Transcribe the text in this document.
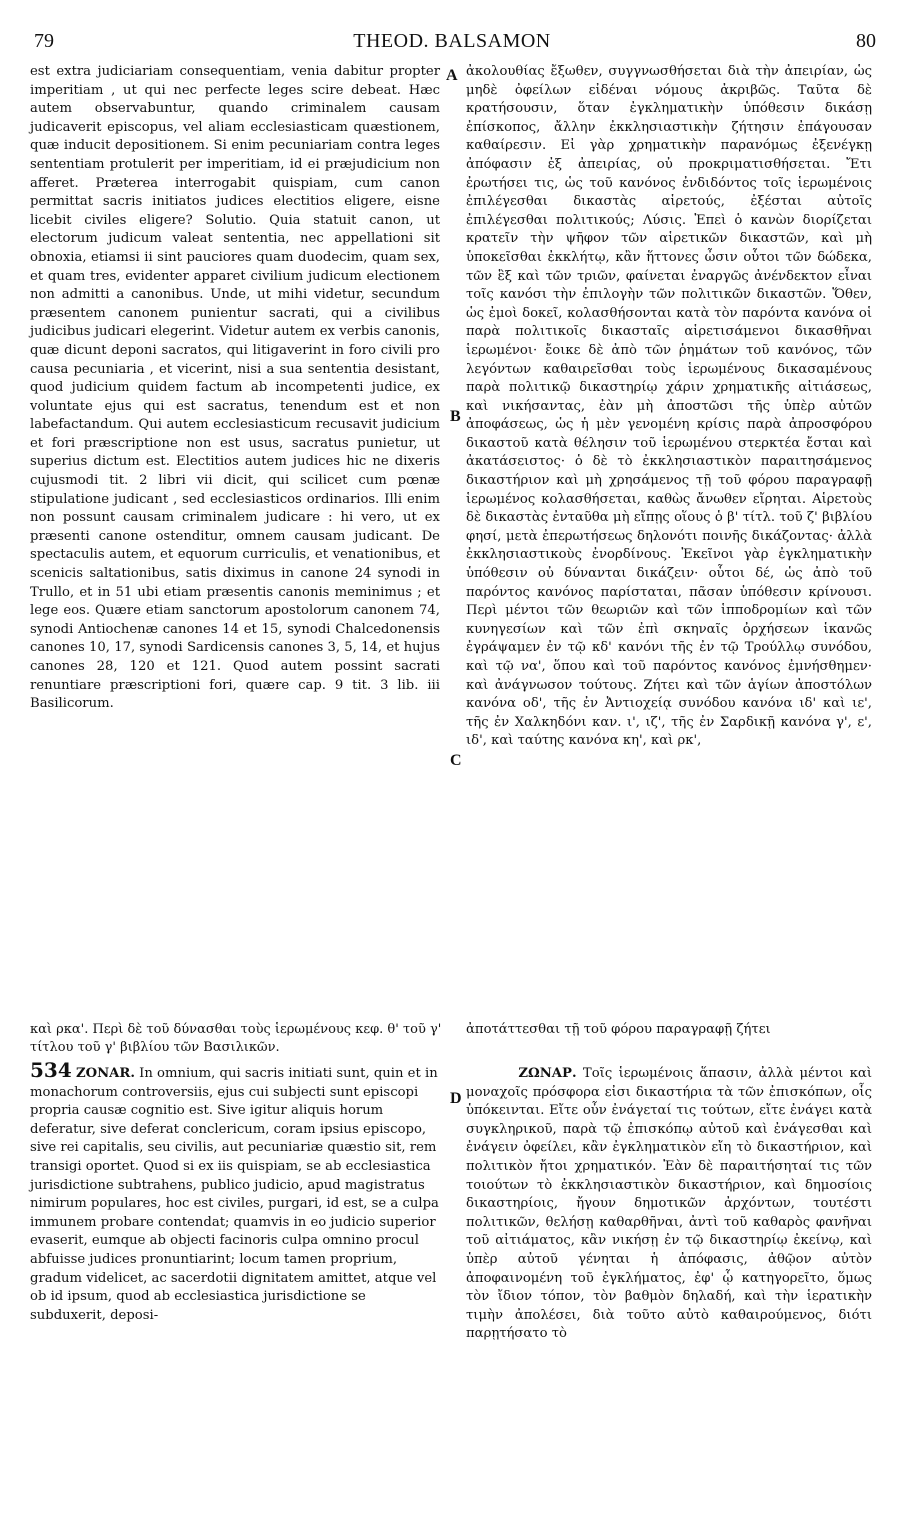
79	THEOD. BALSAMON	80

est extra judiciariam consequentiam, venia dabitur propter imperitiam , ut qui nec perfecte leges scire debeat. Hæc autem observabuntur, quando criminalem causam judicaverit episcopus, vel aliam ecclesiasticam quæstionem, quæ inducit depositionem. Si enim pecuniariam contra leges sententiam protulerit per imperitiam, id ei præjudicium non afferet. Præterea interrogabit quispiam, cum canon permittat sacris initiatos judices electitios eligere, eisne licebit civiles eligere? Solutio. Quia statuit canon, ut electorum judicum valeat sententia, nec appellationi sit obnoxia, etiamsi ii sint pauciores quam duodecim, quam sex, et quam tres, evidenter apparet civilium judicum electionem non admitti a canonibus. Unde, ut mihi videtur, secundum præsentem canonem punientur sacrati, qui a civilibus judicibus judicari elegerint. Videtur autem ex verbis canonis, quæ dicunt deponi sacratos, qui litigaverint in foro civili pro causa pecuniaria , et vicerint, nisi a sua sententia desistant, quod judicium quidem factum ab incompetenti judice, ex voluntate ejus qui est sacratus, tenendum est et non labefactandum. Qui autem ecclesiasticum recusavit judicium et fori præscriptione non est usus, sacratus punietur, ut superius dictum est. Electitios autem judices hic ne dixeris cujusmodi tit. 2 libri vii dicit, qui scilicet cum pœnæ stipulatione judicant , sed ecclesiasticos ordinarios. Illi enim non possunt causam criminalem judicare : hi vero, ut ex præsenti canone ostenditur, omnem causam judicant. De spectaculis autem, et equorum curriculis, et venationibus, et scenicis saltationibus, satis diximus in canone 24 synodi in Trullo, et in 51 ubi etiam præsentis canonis meminimus ; et lege eos. Quære etiam sanctorum apostolorum canonem 74, synodi Antiochenæ canones 14 et 15, synodi Chalcedonensis canones 10, 17, synodi Sardicensis canones 3, 5, 14, et hujus canones 28, 120 et 121. Quod autem possint sacrati renuntiare præscriptioni fori, quære cap. 9 tit. 3 lib. iii Basilicorum.

ἀκολουθίας ἔξωθεν, συγγνωσθήσεται διὰ τὴν ἀπειρίαν, ὡς μηδὲ ὀφείλων εἰδέναι νόμους ἀκριβῶς. Ταῦτα δὲ κρατήσουσιν, ὅταν ἐγκληματικὴν ὑπόθεσιν δικάσῃ ἐπίσκοπος, ἄλλην ἐκκλησιαστικὴν ζήτησιν ἐπάγουσαν καθαίρεσιν. Εἰ γὰρ χρηματικὴν παρανόμως ἐξενέγκῃ ἀπόφασιν ἐξ ἀπειρίας, οὐ προκριματισθήσεται. Ἔτι ἐρωτήσει τις, ὡς τοῦ κανόνος ἐνδιδόντος τοῖς ἱερωμένοις ἐπιλέγεσθαι δικαστὰς αἱρετούς, ἐξέσται αὐτοῖς ἐπιλέγεσθαι πολιτικούς; Λύσις. Ἐπεὶ ὁ κανὼν διορίζεται κρατεῖν τὴν ψῆφον τῶν αἱρετικῶν δικαστῶν, καὶ μὴ ὑποκεῖσθαι ἐκκλήτῳ, κἂν ἥττονες ὦσιν οὗτοι τῶν δώδεκα, τῶν ἓξ καὶ τῶν τριῶν, φαίνεται ἐναργῶς ἀνένδεκτον εἶναι τοῖς κανόσι τὴν ἐπιλογὴν τῶν πολιτικῶν δικαστῶν. Ὅθεν, ὡς ἐμοὶ δοκεῖ, κολασθήσονται κατὰ τὸν παρόντα κανόνα οἱ παρὰ πολιτικοῖς δικασταῖς αἱρετισάμενοι δικασθῆναι ἱερωμένοι· ἔοικε δὲ ἀπὸ τῶν ῥημάτων τοῦ κανόνος, τῶν λεγόντων καθαιρεῖσθαι τοὺς ἱερωμένους δικασαμένους παρὰ πολιτικῷ δικαστηρίῳ χάριν χρηματικῆς αἰτιάσεως, καὶ νικήσαντας, ἐὰν μὴ ἀποστῶσι τῆς ὑπὲρ αὐτῶν ἀποφάσεως, ὡς ἡ μὲν γενομένη κρίσις παρὰ ἀπροσφόρου δικαστοῦ κατὰ θέλησιν τοῦ ἱερωμένου στερκτέα ἔσται καὶ ἀκατάσειστος· ὁ δὲ τὸ ἐκκλησιαστικὸν παραιτησάμενος δικαστήριον καὶ μὴ χρησάμενος τῇ τοῦ φόρου παραγραφῇ ἱερωμένος κολασθήσεται, καθὼς ἄνωθεν εἴρηται. Αἱρετοὺς δὲ δικαστὰς ἐνταῦθα μὴ εἴπῃς οἵους ὁ β' τίτλ. τοῦ ζ' βιβλίου φησί, μετὰ ἐπερωτήσεως δηλονότι ποινῆς δικάζοντας· ἀλλὰ ἐκκλησιαστικοὺς ἐνορδίνους. Ἐκεῖνοι γὰρ ἐγκληματικὴν ὑπόθεσιν οὐ δύνανται δικάζειν· οὗτοι δέ, ὡς ἀπὸ τοῦ παρόντος κανόνος παρίσταται, πᾶσαν ὑπόθεσιν κρίνουσι. Περὶ μέντοι τῶν θεωριῶν καὶ τῶν ἱπποδρομίων καὶ τῶν κυνηγεσίων καὶ τῶν ἐπὶ σκηναῖς ὀρχήσεων ἱκανῶς ἐγράψαμεν ἐν τῷ κδ' κανόνι τῆς ἐν τῷ Τρούλλῳ συνόδου, καὶ τῷ να', ὅπου καὶ τοῦ παρόντος κανόνος ἐμνήσθημεν· καὶ ἀνάγνωσον τούτους. Ζήτει καὶ τῶν ἁγίων ἀποστόλων κανόνα οδ', τῆς ἐν Ἀντιοχείᾳ συνόδου κανόνα ιδ' καὶ ιε', τῆς ἐν Χαλκηδόνι καν. ι', ιζ', τῆς ἐν Σαρδικῇ κανόνα γ', ε', ιδ', καὶ ταύτης κανόνα κη', καὶ ρκ',

A
B
C
D
καὶ ρκα'. Περὶ δὲ τοῦ δύνασθαι τοὺς ἱερωμένους κεφ. θ' τοῦ γ' τίτλου τοῦ γ' βιβλίου τῶν Βασιλικῶν.
ἀποτάττεσθαι τῇ τοῦ φόρου παραγραφῇ ζήτει

534 ZONAR. In omnium, qui sacris initiati sunt, quin et in monachorum controversiis, ejus cui subjecti sunt episcopi propria causæ cognitio est. Sive igitur aliquis horum deferatur, sive deferat conclericum, coram ipsius episcopo, sive rei capitalis, seu civilis, aut pecuniariæ quæstio sit, rem transigi oportet. Quod si ex iis quispiam, se ab ecclesiastica jurisdictione subtrahens, publico judicio, apud magistratus nimirum populares, hoc est civiles, purgari, id est, se a culpa immunem probare contendat; quamvis in eo judicio superior evaserit, eumque ab objecti facinoris culpa omnino procul abfuisse judices pronuntiarint; locum tamen proprium, gradum videlicet, ac sacerdotii dignitatem amittet, atque vel ob id ipsum, quod ab ecclesiastica jurisdictione se subduxerit, deposi-

ΖΩΝΑΡ. Τοῖς ἱερωμένοις ἅπασιν, ἀλλὰ μέντοι καὶ μοναχοῖς πρόσφορα εἰσι δικαστήρια τὰ τῶν ἐπισκόπων, οἷς ὑπόκεινται. Εἴτε οὖν ἐνάγεταί τις τούτων, εἴτε ἐνάγει κατὰ συγκληρικοῦ, παρὰ τῷ ἐπισκόπῳ αὐτοῦ καὶ ἐνάγεσθαι καὶ ἐνάγειν ὀφείλει, κἂν ἐγκληματικὸν εἴη τὸ δικαστήριον, καὶ πολιτικὸν ἤτοι χρηματικόν. Ἐὰν δὲ παραιτήσηταί τις τῶν τοιούτων τὸ ἐκκλησιαστικὸν δικαστήριον, καὶ δημοσίοις δικαστηρίοις, ἤγουν δημοτικῶν ἀρχόντων, τουτέστι πολιτικῶν, θελήσῃ καθαρθῆναι, ἀντὶ τοῦ καθαρὸς φανῆναι τοῦ αἰτιάματος, κἂν νικήσῃ ἐν τῷ δικαστηρίῳ ἐκείνῳ, καὶ ὑπὲρ αὐτοῦ γένηται ἡ ἀπόφασις, ἀθῷον αὐτὸν ἀποφαινομένη τοῦ ἐγκλήματος, ἐφ' ᾧ κατηγορεῖτο, ὅμως τὸν ἴδιον τόπον, τὸν βαθμὸν δηλαδή, καὶ τὴν ἱερατικὴν τιμὴν ἀπολέσει, διὰ τοῦτο αὐτὸ καθαιρούμενος, διότι παρῃτήσατο τὸ
